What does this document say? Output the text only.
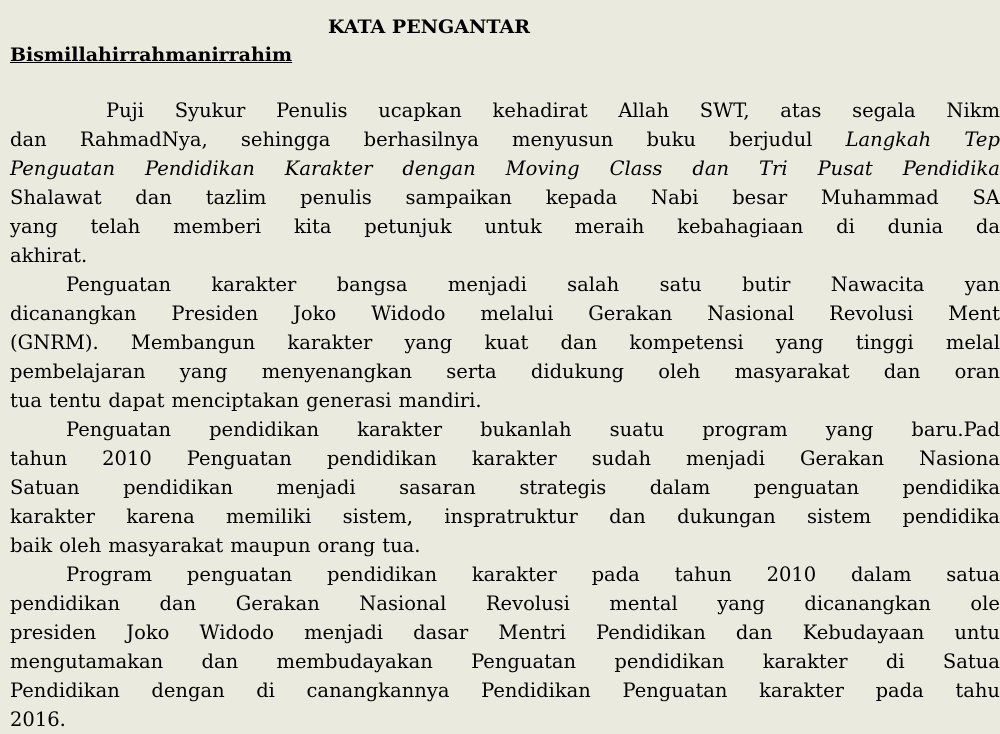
KATA PENGANTAR
Bismillahirrahmanirrahim
Puji Syukur Penulis ucapkan kehadirat Allah SWT, atas segala Nikm
dan RahmadNya, sehingga berhasilnya menyusun buku berjudul Langkah Tep
Penguatan Pendidikan Karakter dengan Moving Class dan Tri Pusat Pendidika
Shalawat dan tazlim penulis sampaikan kepada Nabi besar Muhammad SA
yang telah memberi kita petunjuk untuk meraih kebahagiaan di dunia da
akhirat.
Penguatan karakter bangsa menjadi salah satu butir Nawacita yan
dicanangkan Presiden Joko Widodo melalui Gerakan Nasional Revolusi Ment
(GNRM). Membangun karakter yang kuat dan kompetensi yang tinggi melal
pembelajaran yang menyenangkan serta didukung oleh masyarakat dan oran
tua tentu dapat menciptakan generasi mandiri.
Penguatan pendidikan karakter bukanlah suatu program yang baru.Pad
tahun 2010 Penguatan pendidikan karakter sudah menjadi Gerakan Nasiona
Satuan pendidikan menjadi sasaran strategis dalam penguatan pendidika
karakter karena memiliki sistem, inspratruktur dan dukungan sistem pendidika
baik oleh masyarakat maupun orang tua.
Program penguatan pendidikan karakter pada tahun 2010 dalam satua
pendidikan dan Gerakan Nasional Revolusi mental yang dicanangkan ole
presiden Joko Widodo menjadi dasar Mentri Pendidikan dan Kebudayaan untu
mengutamakan dan membudayakan Penguatan pendidikan karakter di Satua
Pendidikan dengan di canangkannya Pendidikan Penguatan karakter pada tahu
2016.
